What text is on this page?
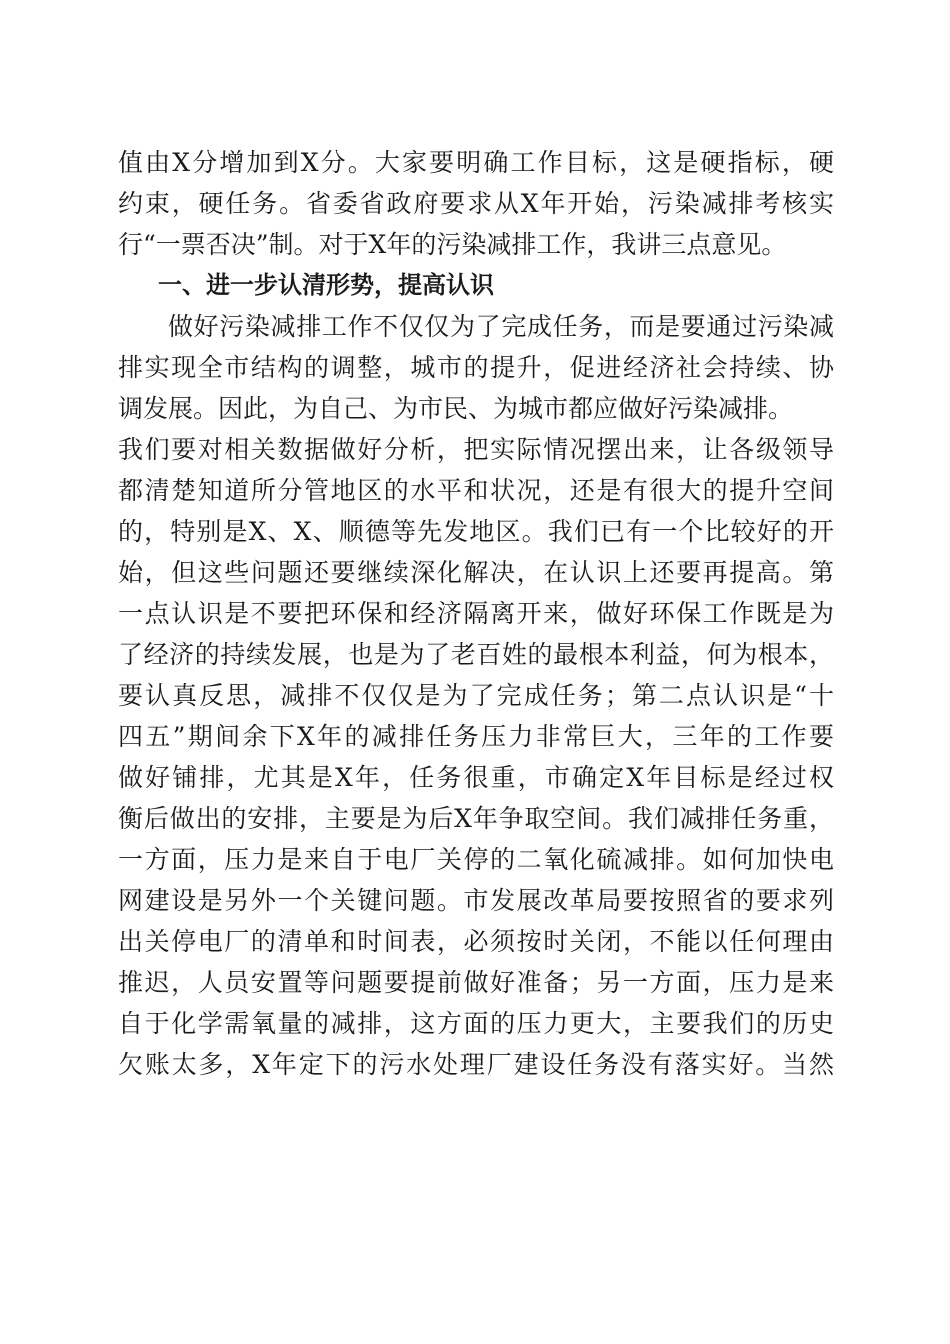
值由X分增加到X分。大家要明确工作目标，这是硬指标，硬
约束，硬任务。省委省政府要求从X年开始，污染减排考核实
行“一票否决”制。对于X年的污染减排工作，我讲三点意见。
一、进一步认清形势，提高认识
做好污染减排工作不仅仅为了完成任务，而是要通过污染减
排实现全市结构的调整，城市的提升，促进经济社会持续、协
调发展。因此，为自己、为市民、为城市都应做好污染减排。
我们要对相关数据做好分析，把实际情况摆出来，让各级领导
都清楚知道所分管地区的水平和状况，还是有很大的提升空间
的，特别是X、X、顺德等先发地区。我们已有一个比较好的开
始，但这些问题还要继续深化解决，在认识上还要再提高。第
一点认识是不要把环保和经济隔离开来，做好环保工作既是为
了经济的持续发展，也是为了老百姓的最根本利益，何为根本，
要认真反思，减排不仅仅是为了完成任务；第二点认识是“十
四五”期间余下X年的减排任务压力非常巨大，三年的工作要
做好铺排，尤其是X年，任务很重，市确定X年目标是经过权
衡后做出的安排，主要是为后X年争取空间。我们减排任务重，
一方面，压力是来自于电厂关停的二氧化硫减排。如何加快电
网建设是另外一个关键问题。市发展改革局要按照省的要求列
出关停电厂的清单和时间表，必须按时关闭，不能以任何理由
推迟，人员安置等问题要提前做好准备；另一方面，压力是来
自于化学需氧量的减排，这方面的压力更大，主要我们的历史
欠账太多，X年定下的污水处理厂建设任务没有落实好。当然
